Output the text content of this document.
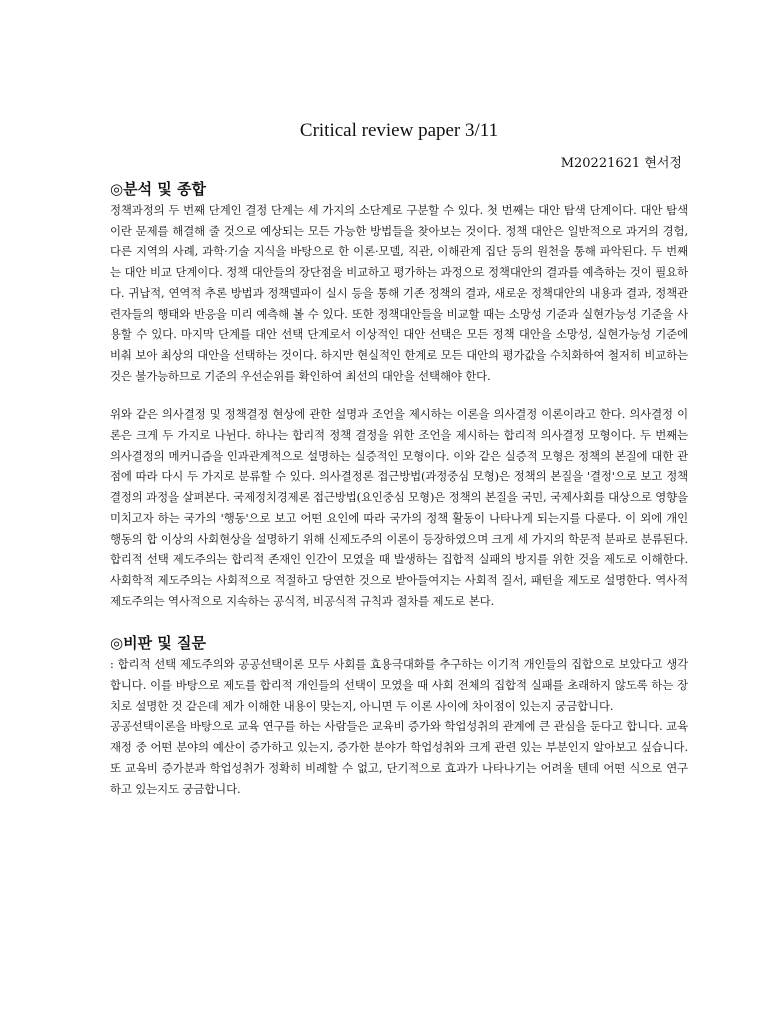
Critical review paper 3/11
M20221621 현서정
◎분석 및 종합

정책과정의 두 번째 단계인 결정 단계는 세 가지의 소단계로 구분할 수 있다. 첫 번째는 대안 탐색 단계이다. 대안 탐색이란 문제를 해결해 줄 것으로 예상되는 모든 가능한 방법들을 찾아보는 것이다. 정책 대안은 일반적으로 과거의 경험, 다른 지역의 사례, 과학·기술 지식을 바탕으로 한 이론·모델, 직관, 이해관계 집단 등의 원천을 통해 파악된다. 두 번째는 대안 비교 단계이다. 정책 대안들의 장단점을 비교하고 평가하는 과정으로 정책대안의 결과를 예측하는 것이 필요하다. 귀납적, 연역적 추론 방법과 정책델파이 실시 등을 통해 기존 정책의 결과, 새로운 정책대안의 내용과 결과, 정책관련자들의 행태와 반응을 미리 예측해 볼 수 있다. 또한 정책대안들을 비교할 때는 소망성 기준과 실현가능성 기준을 사용할 수 있다. 마지막 단계를 대안 선택 단계로서 이상적인 대안 선택은 모든 정책 대안을 소망성, 실현가능성 기준에 비춰 보아 최상의 대안을 선택하는 것이다. 하지만 현실적인 한계로 모든 대안의 평가값을 수치화하여 철저히 비교하는 것은 불가능하므로 기준의 우선순위를 확인하여 최선의 대안을 선택해야 한다.

위와 같은 의사결정 및 정책결정 현상에 관한 설명과 조언을 제시하는 이론을 의사결정 이론이라고 한다. 의사결정 이론은 크게 두 가지로 나뉜다. 하나는 합리적 정책 결정을 위한 조언을 제시하는 합리적 의사결정 모형이다. 두 번째는 의사결정의 메커니즘을 인과관계적으로 설명하는 실증적인 모형이다. 이와 같은 실증적 모형은 정책의 본질에 대한 관점에 따라 다시 두 가지로 분류할 수 있다. 의사결정론 접근방법(과정중심 모형)은 정책의 본질을 '결정'으로 보고 정책 결정의 과정을 살펴본다. 국제정치경제론 접근방법(요인중심 모형)은 정책의 본질을 국민, 국제사회를 대상으로 영향을 미치고자 하는 국가의 '행동'으로 보고 어떤 요인에 따라 국가의 정책 활동이 나타나게 되는지를 다룬다. 이 외에 개인 행동의 합 이상의 사회현상을 설명하기 위해 신제도주의 이론이 등장하였으며 크게 세 가지의 학문적 분파로 분류된다. 합리적 선택 제도주의는 합리적 존재인 인간이 모였을 때 발생하는 집합적 실패의 방지를 위한 것을 제도로 이해한다. 사회학적 제도주의는 사회적으로 적절하고 당연한 것으로 받아들여지는 사회적 질서, 패턴을 제도로 설명한다. 역사적 제도주의는 역사적으로 지속하는 공식적, 비공식적 규칙과 절차를 제도로 본다.

◎비판 및 질문

: 합리적 선택 제도주의와 공공선택이론 모두 사회를 효용극대화를 추구하는 이기적 개인들의 집합으로 보았다고 생각합니다. 이를 바탕으로 제도를 합리적 개인들의 선택이 모였을 때 사회 전체의 집합적 실패를 초래하지 않도록 하는 장치로 설명한 것 같은데 제가 이해한 내용이 맞는지, 아니면 두 이론 사이에 차이점이 있는지 궁금합니다.

공공선택이론을 바탕으로 교육 연구를 하는 사람들은 교육비 증가와 학업성취의 관계에 큰 관심을 둔다고 합니다. 교육재정 중 어떤 분야의 예산이 증가하고 있는지, 증가한 분야가 학업성취와 크게 관련 있는 부분인지 알아보고 싶습니다. 또 교육비 증가분과 학업성취가 정확히 비례할 수 없고, 단기적으로 효과가 나타나기는 어려울 텐데 어떤 식으로 연구하고 있는지도 궁금합니다.
